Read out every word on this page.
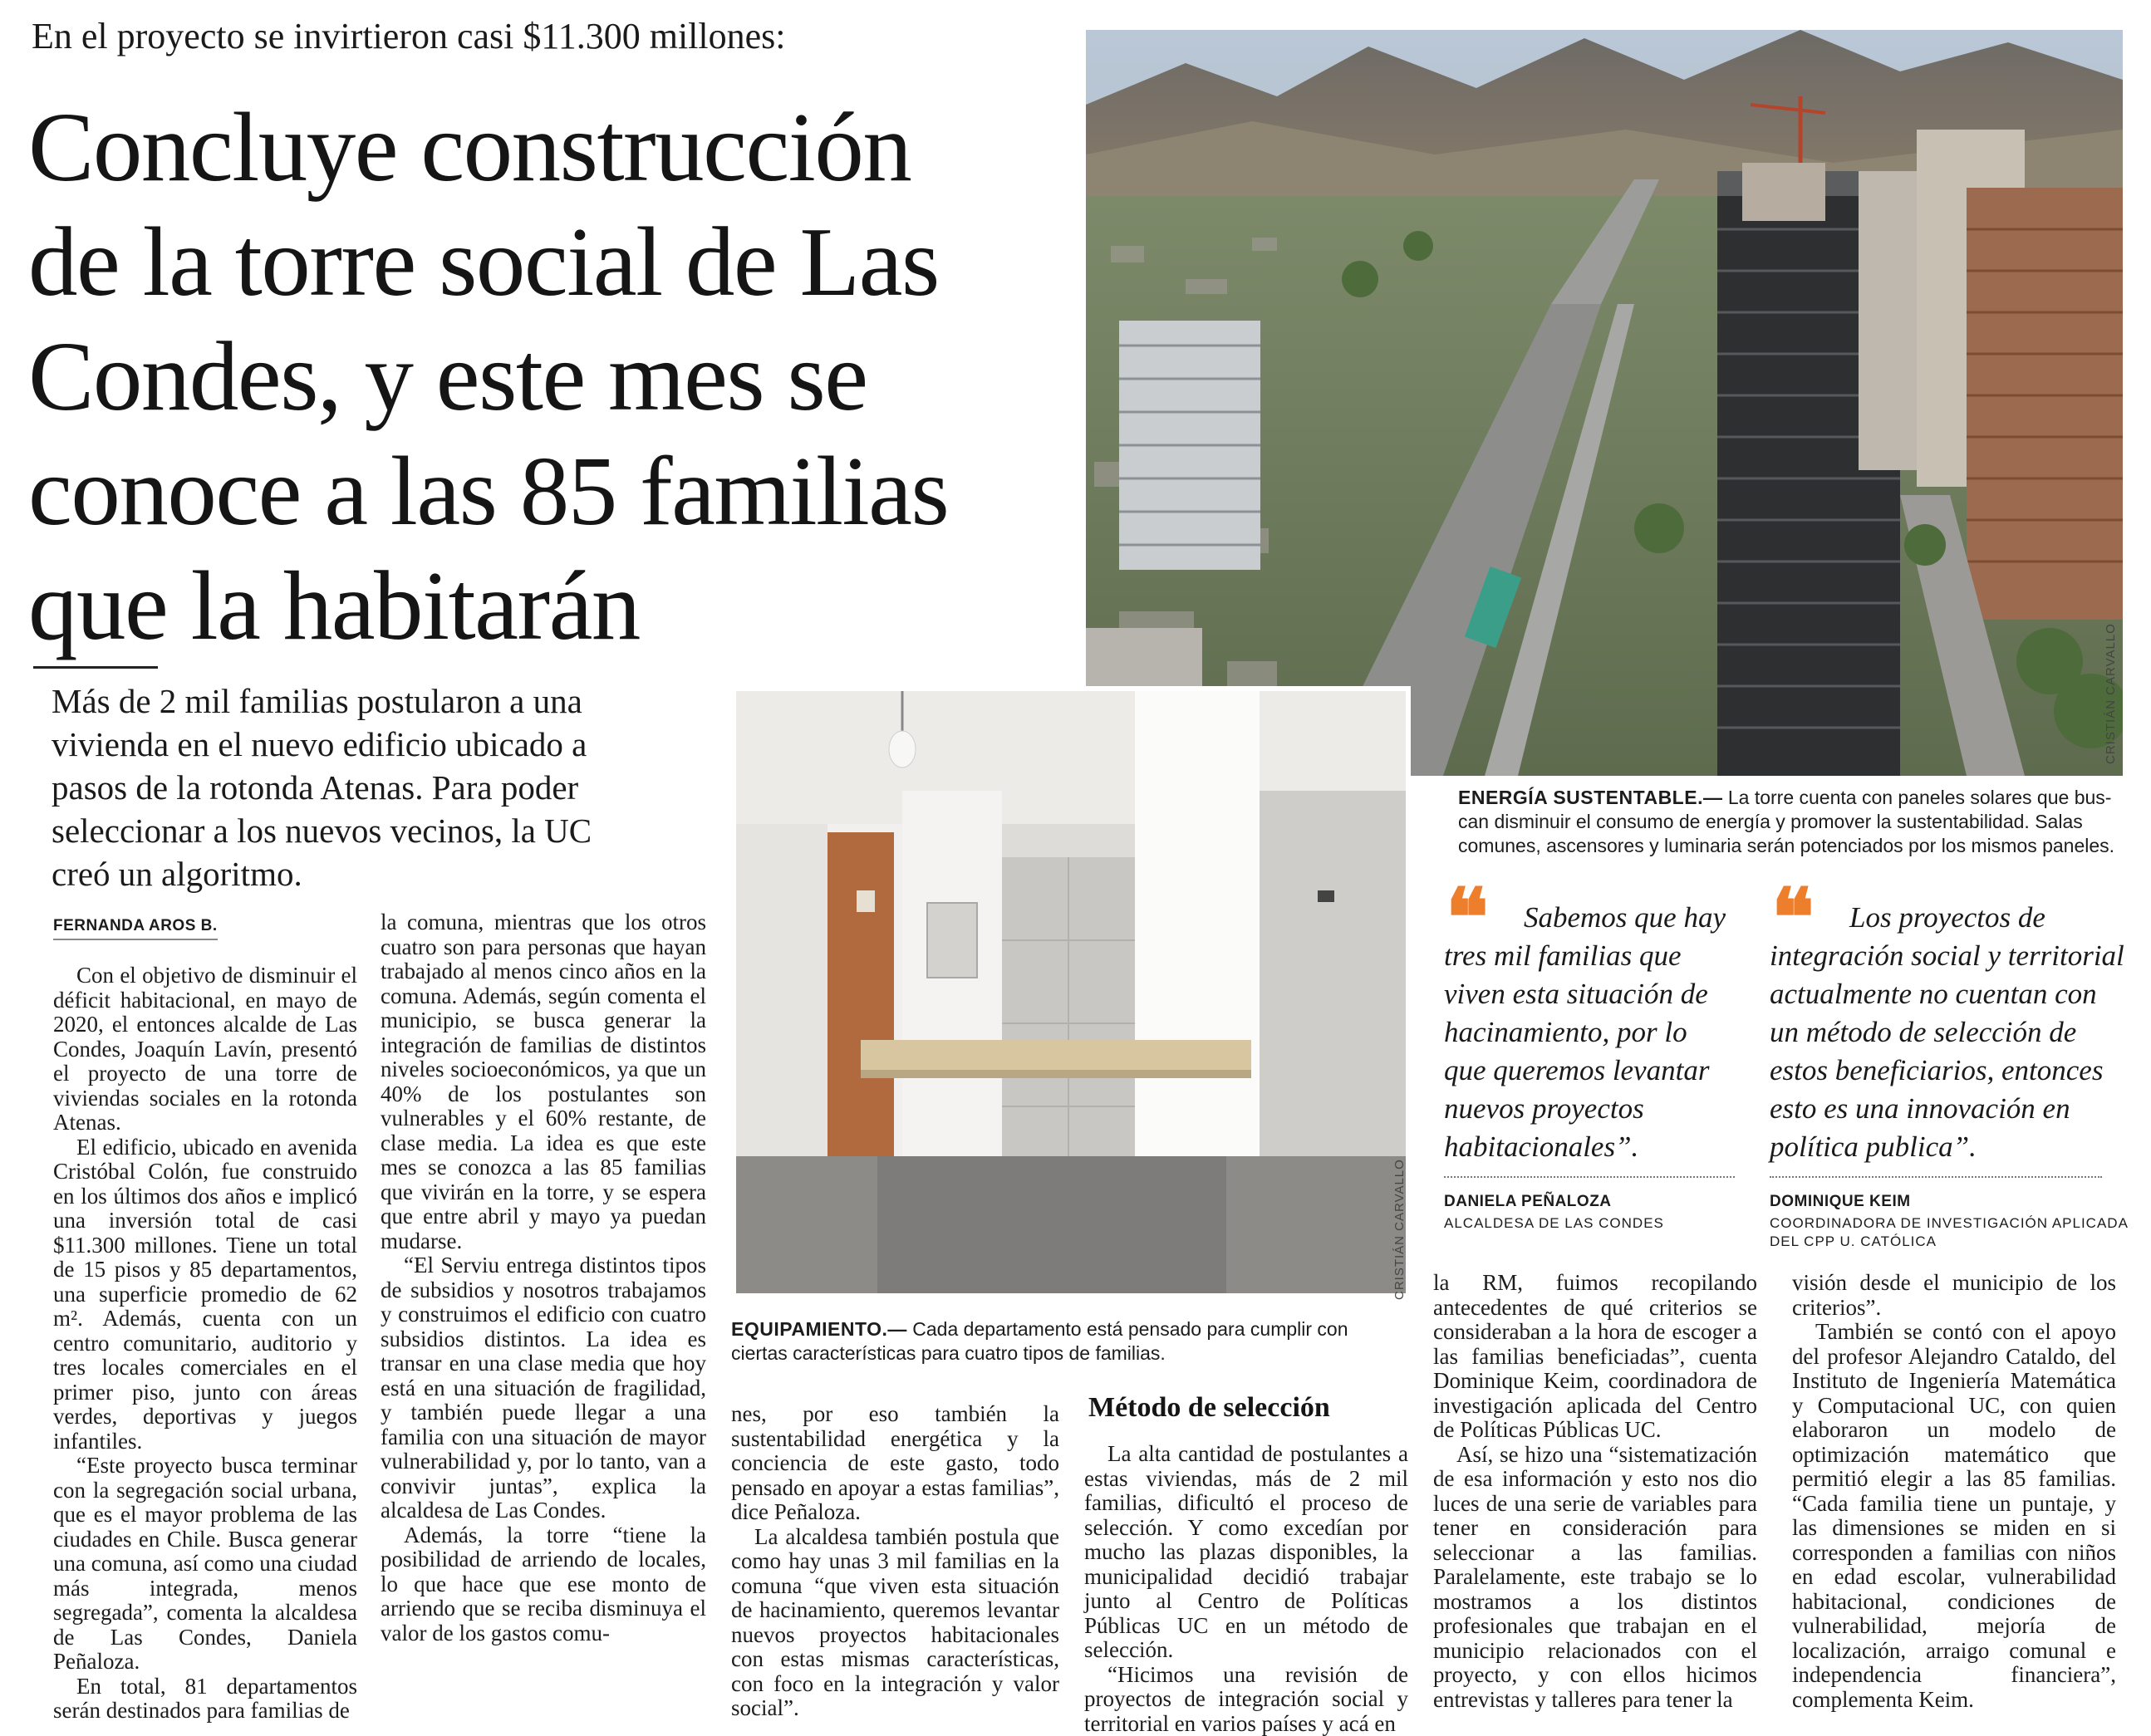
En el proyecto se invirtieron casi $11.300 millones:
Concluye construcción
de la torre social de Las
Condes, y este mes se
conoce a las 85 familias
que la habitarán
Más de 2 mil familias postularon a una
vivienda en el nuevo edificio ubicado a
pasos de la rotonda Atenas. Para poder
seleccionar a los nuevos vecinos, la UC
creó un algoritmo.
FERNANDA AROS B.

Con el objetivo de disminuir el déficit habitacional, en mayo de 2020, el entonces alcalde de Las Condes, Joaquín Lavín, presentó el proyecto de una torre de viviendas sociales en la rotonda Atenas.

El edificio, ubicado en avenida Cristóbal Colón, fue construido en los últimos dos años e implicó una inversión total de casi $11.300 millones. Tiene un total de 15 pisos y 85 departamentos, una superficie promedio de 62 m². Además, cuenta con un centro comunitario, auditorio y tres locales comerciales en el primer piso, junto con áreas verdes, deportivas y juegos infantiles.

“Este proyecto busca terminar con la segregación social urbana, que es el mayor problema de las ciudades en Chile. Busca generar una comuna, así como una ciudad más integrada, menos segregada”, comenta la alcaldesa de Las Condes, Daniela Peñaloza.

En total, 81 departamentos serán destinados para familias de

la comuna, mientras que los otros cuatro son para personas que hayan trabajado al menos cinco años en la comuna. Además, según comenta el municipio, se busca generar la integración de familias de distintos niveles socioeconómicos, ya que un 40% de los postulantes son vulnerables y el 60% restante, de clase media. La idea es que este mes se conozca a las 85 familias que vivirán en la torre, y se espera que entre abril y mayo ya puedan mudarse.

“El Serviu entrega distintos tipos de subsidios y nosotros trabajamos y construimos el edificio con cuatro subsidios distintos. La idea es transar en una clase media que hoy está en una situación de fragilidad, y también puede llegar a una familia con una situación de mayor vulnerabilidad y, por lo tanto, van a convivir juntas”, explica la alcaldesa de Las Condes.

Además, la torre “tiene la posibilidad de arriendo de locales, lo que hace que ese monto de arriendo que se reciba disminuya el valor de los gastos comu-

CRISTIÁN CARVALLO
CRISTIÁN CARVALLO
ENERGÍA SUSTENTABLE.— La torre cuenta con paneles solares que bus-
can disminuir el consumo de energía y promover la sustentabilidad. Salas
comunes, ascensores y luminaria serán potenciados por los mismos paneles.
EQUIPAMIENTO.— Cada departamento está pensado para cumplir con
ciertas características para cuatro tipos de familias.
❝	Sabemos que hay
tres mil familias que
viven esta situación de
hacinamiento, por lo
que queremos levantar
nuevos proyectos
habitacionales”.
DANIELA PEÑALOZA
ALCALDESA DE LAS CONDES
❝	Los proyectos de
integración social y territorial
actualmente no cuentan con
un método de selección de
estos beneficiarios, entonces
esto es una innovación en
política publica”.
DOMINIQUE KEIM
COORDINADORA DE INVESTIGACIÓN APLICADA
DEL CPP U. CATÓLICA

nes, por eso también la sustentabilidad energética y la conciencia de este gasto, todo pensado en apoyar a estas familias”, dice Peñaloza.

La alcaldesa también postula que como hay unas 3 mil familias en la comuna “que viven esta situación de hacinamiento, queremos levantar nuevos proyectos habitacionales con estas mismas características, con foco en la integración y valor social”.

Método de selección

La alta cantidad de postulantes a estas viviendas, más de 2 mil familias, dificultó el proceso de selección. Y como excedían por mucho las plazas disponibles, la municipalidad decidió trabajar junto al Centro de Políticas Públicas UC en un método de selección.

“Hicimos una revisión de proyectos de integración social y territorial en varios países y acá en

la RM, fuimos recopilando antecedentes de qué criterios se consideraban a la hora de escoger a las familias beneficiadas”, cuenta Dominique Keim, coordinadora de investigación aplicada del Centro de Políticas Públicas UC.

Así, se hizo una “sistematización de esa información y esto nos dio luces de una serie de variables para tener en consideración para seleccionar a las familias. Paralelamente, este trabajo se lo mostramos a los distintos profesionales que trabajan en el municipio relacionados con el proyecto, y con ellos hicimos entrevistas y talleres para tener la

visión desde el municipio de los criterios”.

También se contó con el apoyo del profesor Alejandro Cataldo, del Instituto de Ingeniería Matemática y Computacional UC, con quien elaboraron un modelo de optimización matemático que permitió elegir a las 85 familias. “Cada familia tiene un puntaje, y las dimensiones se miden en si corresponden a familias con niños en edad escolar, vulnerabilidad habitacional, condiciones de vulnerabilidad, mejoría de localización, arraigo comunal e independencia financiera”, complementa Keim.
